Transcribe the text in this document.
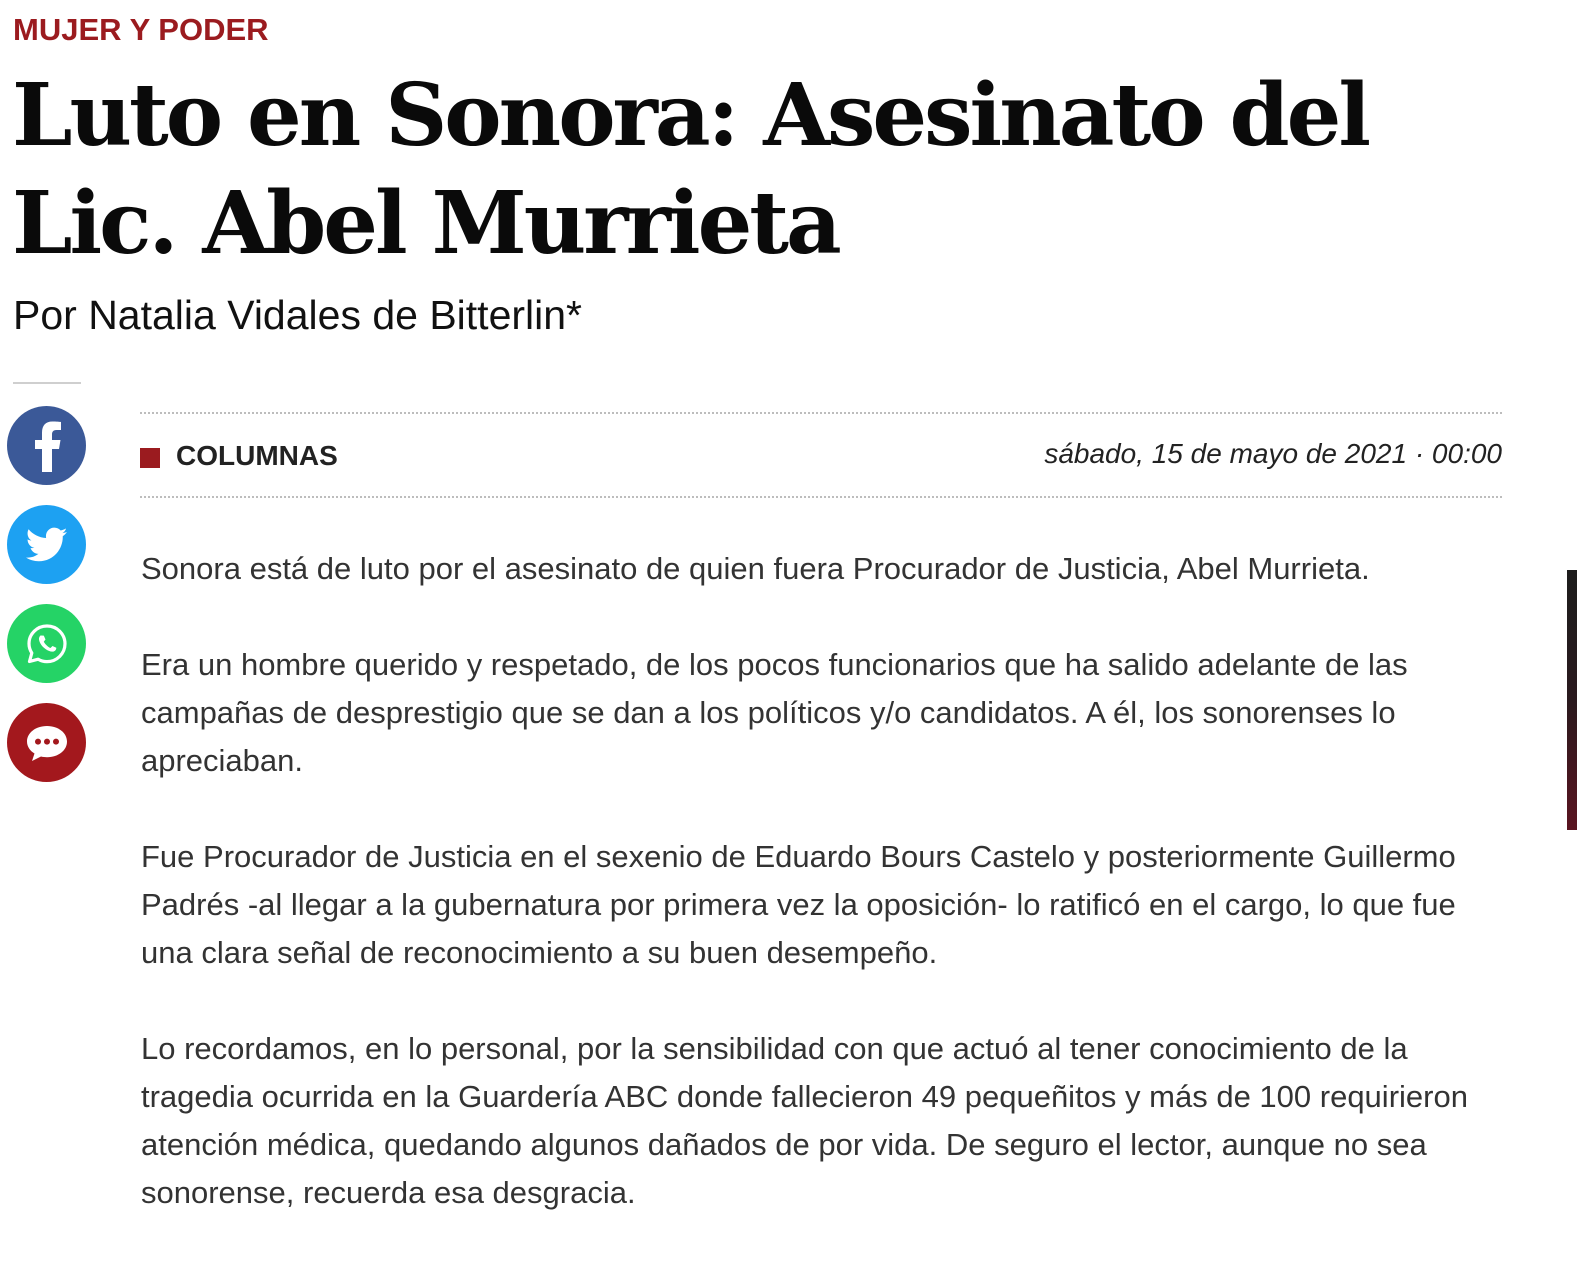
MUJER Y PODER
Luto en Sonora: Asesinato del Lic. Abel Murrieta
Por Natalia Vidales de Bitterlin*
COLUMNAS	sábado, 15 de mayo de 2021 · 00:00

Sonora está de luto por el asesinato de quien fuera Procurador de Justicia, Abel Murrieta.

Era un hombre querido y respetado, de los pocos funcionarios que ha salido adelante de las campañas de desprestigio que se dan a los políticos y/o candidatos. A él, los sonorenses lo apreciaban.

Fue Procurador de Justicia en el sexenio de Eduardo Bours Castelo y posteriormente Guillermo Padrés -al llegar a la gubernatura por primera vez la oposición- lo ratificó en el cargo, lo que fue una clara señal de reconocimiento a su buen desempeño.

Lo recordamos, en lo personal, por la sensibilidad con que actuó al tener conocimiento de la tragedia ocurrida en la Guardería ABC donde fallecieron 49 pequeñitos y más de 100 requirieron atención médica, quedando algunos dañados de por vida. De seguro el lector, aunque no sea sonorense, recuerda esa desgracia.
